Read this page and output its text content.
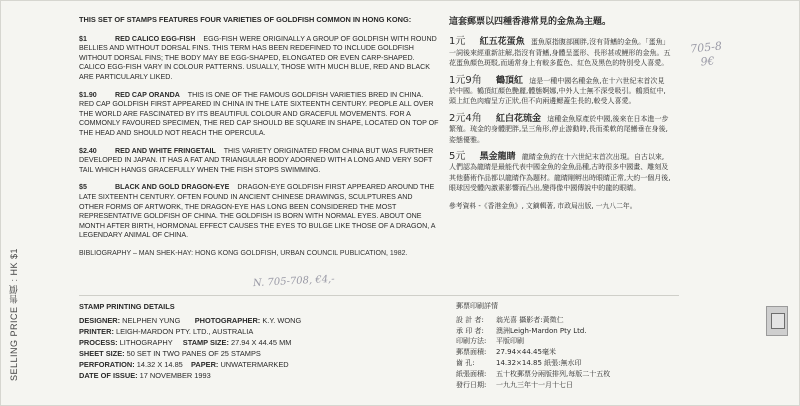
SELLING PRICE 售價 : HK $1
THIS SET OF STAMPS FEATURES FOUR VARIETIES OF GOLDFISH COMMON IN HONG KONG:
$1	RED CALICO EGG-FISH EGG-FISH WERE ORIGINALLY A GROUP OF GOLDFISH WITH ROUND BELLIES AND WITHOUT DORSAL FINS. THIS TERM HAS BEEN REDEFINED TO INCLUDE GOLDFISH WITHOUT DORSAL FINS; THE BODY MAY BE EGG-SHAPED, ELONGATED OR EVEN CARP-SHAPED. CALICO EGG-FISH VARY IN COLOUR PATTERNS. USUALLY, THOSE WITH MUCH BLUE, RED AND BLACK ARE PARTICULARLY LIKED.
$1.90	RED CAP ORANDA THIS IS ONE OF THE FAMOUS GOLDFISH VARIETIES BRED IN CHINA. RED CAP GOLDFISH FIRST APPEARED IN CHINA IN THE LATE SIXTEENTH CENTURY. PEOPLE ALL OVER THE WORLD ARE FASCINATED BY ITS BEAUTIFUL COLOUR AND GRACEFUL MOVEMENTS. FOR A COMMONLY FAVOURED SPECIMEN, THE RED CAP SHOULD BE SQUARE IN SHAPE, LOCATED ON TOP OF THE HEAD AND SHOULD NOT REACH THE OPERCULA.
$2.40	RED AND WHITE FRINGETAIL THIS VARIETY ORIGINATED FROM CHINA BUT WAS FURTHER DEVELOPED IN JAPAN. IT HAS A FAT AND TRIANGULAR BODY ADORNED WITH A LONG AND VERY SOFT TAIL WHICH HANGS GRACEFULLY WHEN THE FISH STOPS SWIMMING.
$5	BLACK AND GOLD DRAGON-EYE DRAGON-EYE GOLDFISH FIRST APPEARED AROUND THE LATE SIXTEENTH CENTURY. OFTEN FOUND IN ANCIENT CHINESE DRAWINGS, SCULPTURES AND OTHER FORMS OF ARTWORK, THE DRAGON-EYE HAS LONG BEEN CONSIDERED THE MOST REPRESENTATIVE GOLDFISH OF CHINA. THE GOLDFISH IS BORN WITH NORMAL EYES. ABOUT ONE MONTH AFTER BIRTH, HORMONAL EFFECT CAUSES THE EYES TO BULGE LIKE THOSE OF A DRAGON, A LEGENDARY ANIMAL OF CHINA.
BIBLIOGRAPHY – MAN SHEK-HAY: HONG KONG GOLDFISH, URBAN COUNCIL PUBLICATION, 1982.
N. 705-708, €4,-
705-8
9€
這套郵票以四種香港常見的金魚為主題。
1元 紅五花蛋魚 蛋魚原指腹部圓胖,沒有背鰭的金魚。「蛋魚」一詞後來經重新註解,指沒有背鰭,身體呈蛋形、長形甚或鯉形的金魚。五花蛋魚顏色斑駁,而通常身上有較多藍色、紅色及黑色的特別受人喜愛。
1元9角 鶴頂紅 這是一種中國名種金魚,在十六世紀末首次見於中國。鶴頂紅顏色艷麗,體態婀娜,中外人士無不深受吸引。鶴頂紅中,頭上紅色肉瘤呈方正狀,但不向兩邊鰓蓋生長的,較受人喜愛。
2元4角 紅白花琉金 這種金魚原產於中國,後來在日本進一步繁殖。琉金的身體肥胖,呈三角形,停止游動時,長而柔軟的尾鰭垂在身後,姿態優雅。
5元 黑金龍睛 龍睛金魚約在十六世紀末首次出現。自古以來,人們認為龍睛是最能代表中國金魚的金魚品種,古時很多中國畫、雕刻及其他藝術作品都以龍睛作為題材。龍睛剛孵出時眼睛正常,大約一個月後,眼球因受體內激素影響而凸出,變得像中國傳說中的龍的眼睛。
參考資料 -《香港金魚》, 文鏑輯著, 市政局出版, 一九八二年。
STAMP PRINTING DETAILS
DESIGNER: NELPHEN YUNG PHOTOGRAPHER: K.Y. WONG
PRINTER: LEIGH-MARDON PTY. LTD., AUSTRALIA
PROCESS: LITHOGRAPHY STAMP SIZE: 27.94 X 44.45 MM
SHEET SIZE: 50 SET IN TWO PANES OF 25 STAMPS
PERFORATION: 14.32 X 14.85 PAPER: UNWATERMARKED
DATE OF ISSUE: 17 NOVEMBER 1993
郵票印刷詳情
設 計 者: 翁光喜 攝影者:黃徵仁
承 印 者: 澳洲Leigh-Mardon Pty Ltd.
印刷方法: 平版印刷
郵票面積: 27.94×44.45毫米
齒 孔:	14.32×14.85 紙張:無水印
紙張面積: 五十枚郵票分兩版排列,每版二十五枚
發行日期: 一九九三年十一月十七日
